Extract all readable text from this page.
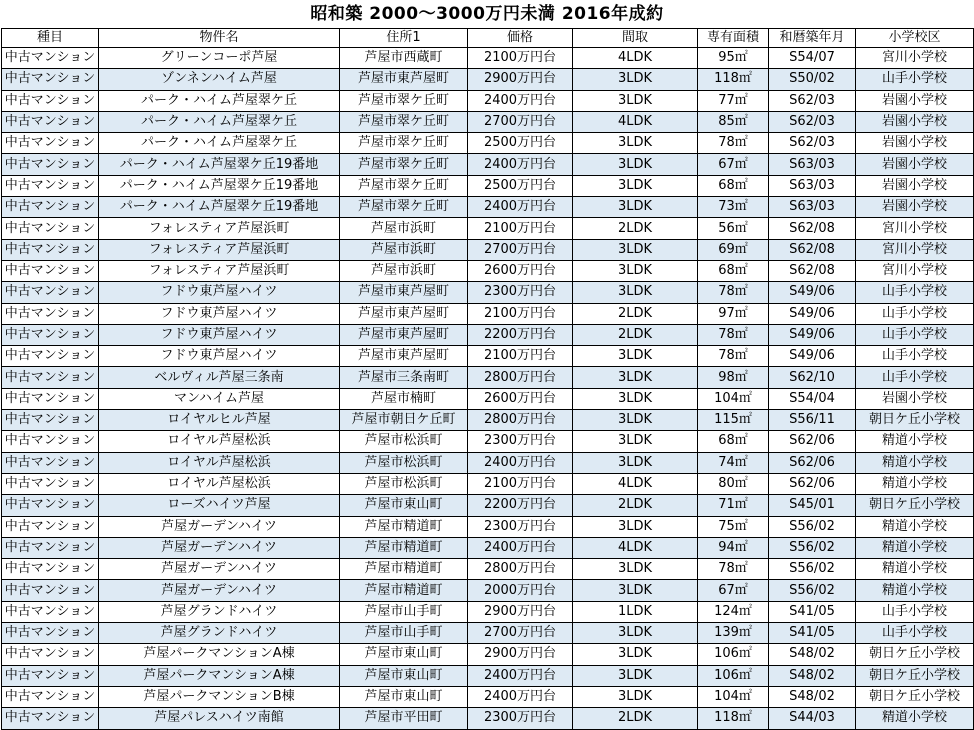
昭和築 2000〜3000万円未満 2016年成約
種目	物件名	住所1	価格	間取	専有面積	和暦築年月	小学校区
中古マンション	グリーンコーポ芦屋	芦屋市西蔵町	2100万円台	4LDK	95㎡	S54/07	宮川小学校
中古マンション	ゾンネンハイム芦屋	芦屋市東芦屋町	2900万円台	3LDK	118㎡	S50/02	山手小学校
中古マンション	パーク・ハイム芦屋翠ケ丘	芦屋市翠ケ丘町	2400万円台	3LDK	77㎡	S62/03	岩園小学校
中古マンション	パーク・ハイム芦屋翠ケ丘	芦屋市翠ケ丘町	2700万円台	4LDK	85㎡	S62/03	岩園小学校
中古マンション	パーク・ハイム芦屋翠ケ丘	芦屋市翠ケ丘町	2500万円台	3LDK	78㎡	S62/03	岩園小学校
中古マンション	パーク・ハイム芦屋翠ケ丘19番地	芦屋市翠ケ丘町	2400万円台	3LDK	67㎡	S63/03	岩園小学校
中古マンション	パーク・ハイム芦屋翠ケ丘19番地	芦屋市翠ケ丘町	2500万円台	3LDK	68㎡	S63/03	岩園小学校
中古マンション	パーク・ハイム芦屋翠ケ丘19番地	芦屋市翠ケ丘町	2400万円台	3LDK	73㎡	S63/03	岩園小学校
中古マンション	フォレスティア芦屋浜町	芦屋市浜町	2100万円台	2LDK	56㎡	S62/08	宮川小学校
中古マンション	フォレスティア芦屋浜町	芦屋市浜町	2700万円台	3LDK	69㎡	S62/08	宮川小学校
中古マンション	フォレスティア芦屋浜町	芦屋市浜町	2600万円台	3LDK	68㎡	S62/08	宮川小学校
中古マンション	フドウ東芦屋ハイツ	芦屋市東芦屋町	2300万円台	3LDK	78㎡	S49/06	山手小学校
中古マンション	フドウ東芦屋ハイツ	芦屋市東芦屋町	2100万円台	2LDK	97㎡	S49/06	山手小学校
中古マンション	フドウ東芦屋ハイツ	芦屋市東芦屋町	2200万円台	2LDK	78㎡	S49/06	山手小学校
中古マンション	フドウ東芦屋ハイツ	芦屋市東芦屋町	2100万円台	3LDK	78㎡	S49/06	山手小学校
中古マンション	ベルヴィル芦屋三条南	芦屋市三条南町	2800万円台	3LDK	98㎡	S62/10	山手小学校
中古マンション	マンハイム芦屋	芦屋市楠町	2600万円台	3LDK	104㎡	S54/04	岩園小学校
中古マンション	ロイヤルヒル芦屋	芦屋市朝日ケ丘町	2800万円台	3LDK	115㎡	S56/11	朝日ケ丘小学校
中古マンション	ロイヤル芦屋松浜	芦屋市松浜町	2300万円台	3LDK	68㎡	S62/06	精道小学校
中古マンション	ロイヤル芦屋松浜	芦屋市松浜町	2400万円台	3LDK	74㎡	S62/06	精道小学校
中古マンション	ロイヤル芦屋松浜	芦屋市松浜町	2100万円台	4LDK	80㎡	S62/06	精道小学校
中古マンション	ローズハイツ芦屋	芦屋市東山町	2200万円台	2LDK	71㎡	S45/01	朝日ケ丘小学校
中古マンション	芦屋ガーデンハイツ	芦屋市精道町	2300万円台	3LDK	75㎡	S56/02	精道小学校
中古マンション	芦屋ガーデンハイツ	芦屋市精道町	2400万円台	4LDK	94㎡	S56/02	精道小学校
中古マンション	芦屋ガーデンハイツ	芦屋市精道町	2800万円台	3LDK	78㎡	S56/02	精道小学校
中古マンション	芦屋ガーデンハイツ	芦屋市精道町	2000万円台	3LDK	67㎡	S56/02	精道小学校
中古マンション	芦屋グランドハイツ	芦屋市山手町	2900万円台	1LDK	124㎡	S41/05	山手小学校
中古マンション	芦屋グランドハイツ	芦屋市山手町	2700万円台	3LDK	139㎡	S41/05	山手小学校
中古マンション	芦屋パークマンションA棟	芦屋市東山町	2900万円台	3LDK	106㎡	S48/02	朝日ケ丘小学校
中古マンション	芦屋パークマンションA棟	芦屋市東山町	2400万円台	3LDK	106㎡	S48/02	朝日ケ丘小学校
中古マンション	芦屋パークマンションB棟	芦屋市東山町	2400万円台	3LDK	104㎡	S48/02	朝日ケ丘小学校
中古マンション	芦屋パレスハイツ南館	芦屋市平田町	2300万円台	2LDK	118㎡	S44/03	精道小学校
